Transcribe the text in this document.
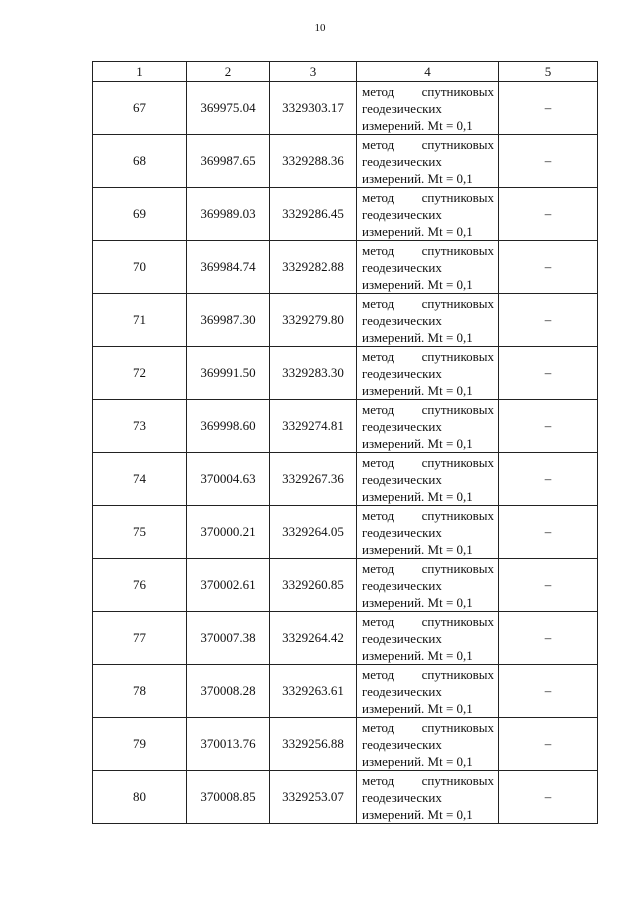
10
1	2	3	4	5
67	369975.04	3329303.17	метод спутниковых
геодезических
измерений. Mt = 0,1	–
68	369987.65	3329288.36	метод спутниковых
геодезических
измерений. Mt = 0,1	–
69	369989.03	3329286.45	метод спутниковых
геодезических
измерений. Mt = 0,1	–
70	369984.74	3329282.88	метод спутниковых
геодезических
измерений. Mt = 0,1	–
71	369987.30	3329279.80	метод спутниковых
геодезических
измерений. Mt = 0,1	–
72	369991.50	3329283.30	метод спутниковых
геодезических
измерений. Mt = 0,1	–
73	369998.60	3329274.81	метод спутниковых
геодезических
измерений. Mt = 0,1	–
74	370004.63	3329267.36	метод спутниковых
геодезических
измерений. Mt = 0,1	–
75	370000.21	3329264.05	метод спутниковых
геодезических
измерений. Mt = 0,1	–
76	370002.61	3329260.85	метод спутниковых
геодезических
измерений. Mt = 0,1	–
77	370007.38	3329264.42	метод спутниковых
геодезических
измерений. Mt = 0,1	–
78	370008.28	3329263.61	метод спутниковых
геодезических
измерений. Mt = 0,1	–
79	370013.76	3329256.88	метод спутниковых
геодезических
измерений. Mt = 0,1	–
80	370008.85	3329253.07	метод спутниковых
геодезических
измерений. Mt = 0,1	–
